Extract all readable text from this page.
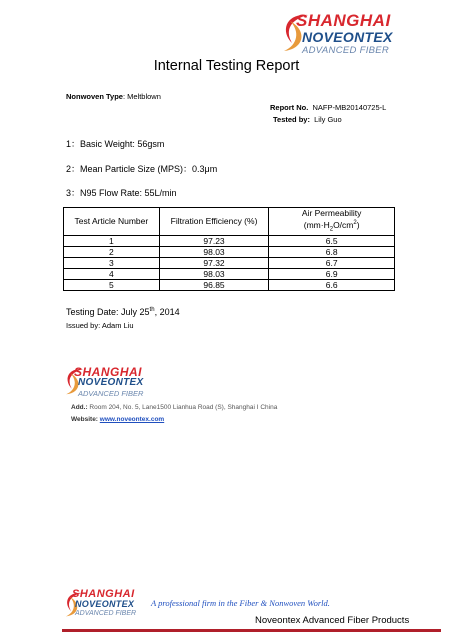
SHANGHAI
NOVEONTEX
ADVANCED FIBER
Internal Testing Report
Nonwoven Type: Meltblown
Report No. NAFP-MB20140725-L
Tested by: Lily Guo
1：Basic Weight: 56gsm
2：Mean Particle Size (MPS)：0.3μm
3：N95 Flow Rate: 55L/min
Test Article Number	Filtration Efficiency (%)	Air Permeability
$(mm\cdot H_2O/cm^2)$
1	97.23	6.5
2	98.03	6.8
3	97.32	6.7
4	98.03	6.9
5	96.85	6.6
Testing Date: July 25th, 2014
Issued by: Adam Liu
SHANGHAI
NOVEONTEX
ADVANCED FIBER
Add.: Room 204, No. 5, Lane1500 Lianhua Road (S), Shanghai I China
Website: www.noveontex.com
SHANGHAI
NOVEONTEX
ADVANCED FIBER
A professional firm in the Fiber & Nonwoven World.
Noveontex Advanced Fiber Products
